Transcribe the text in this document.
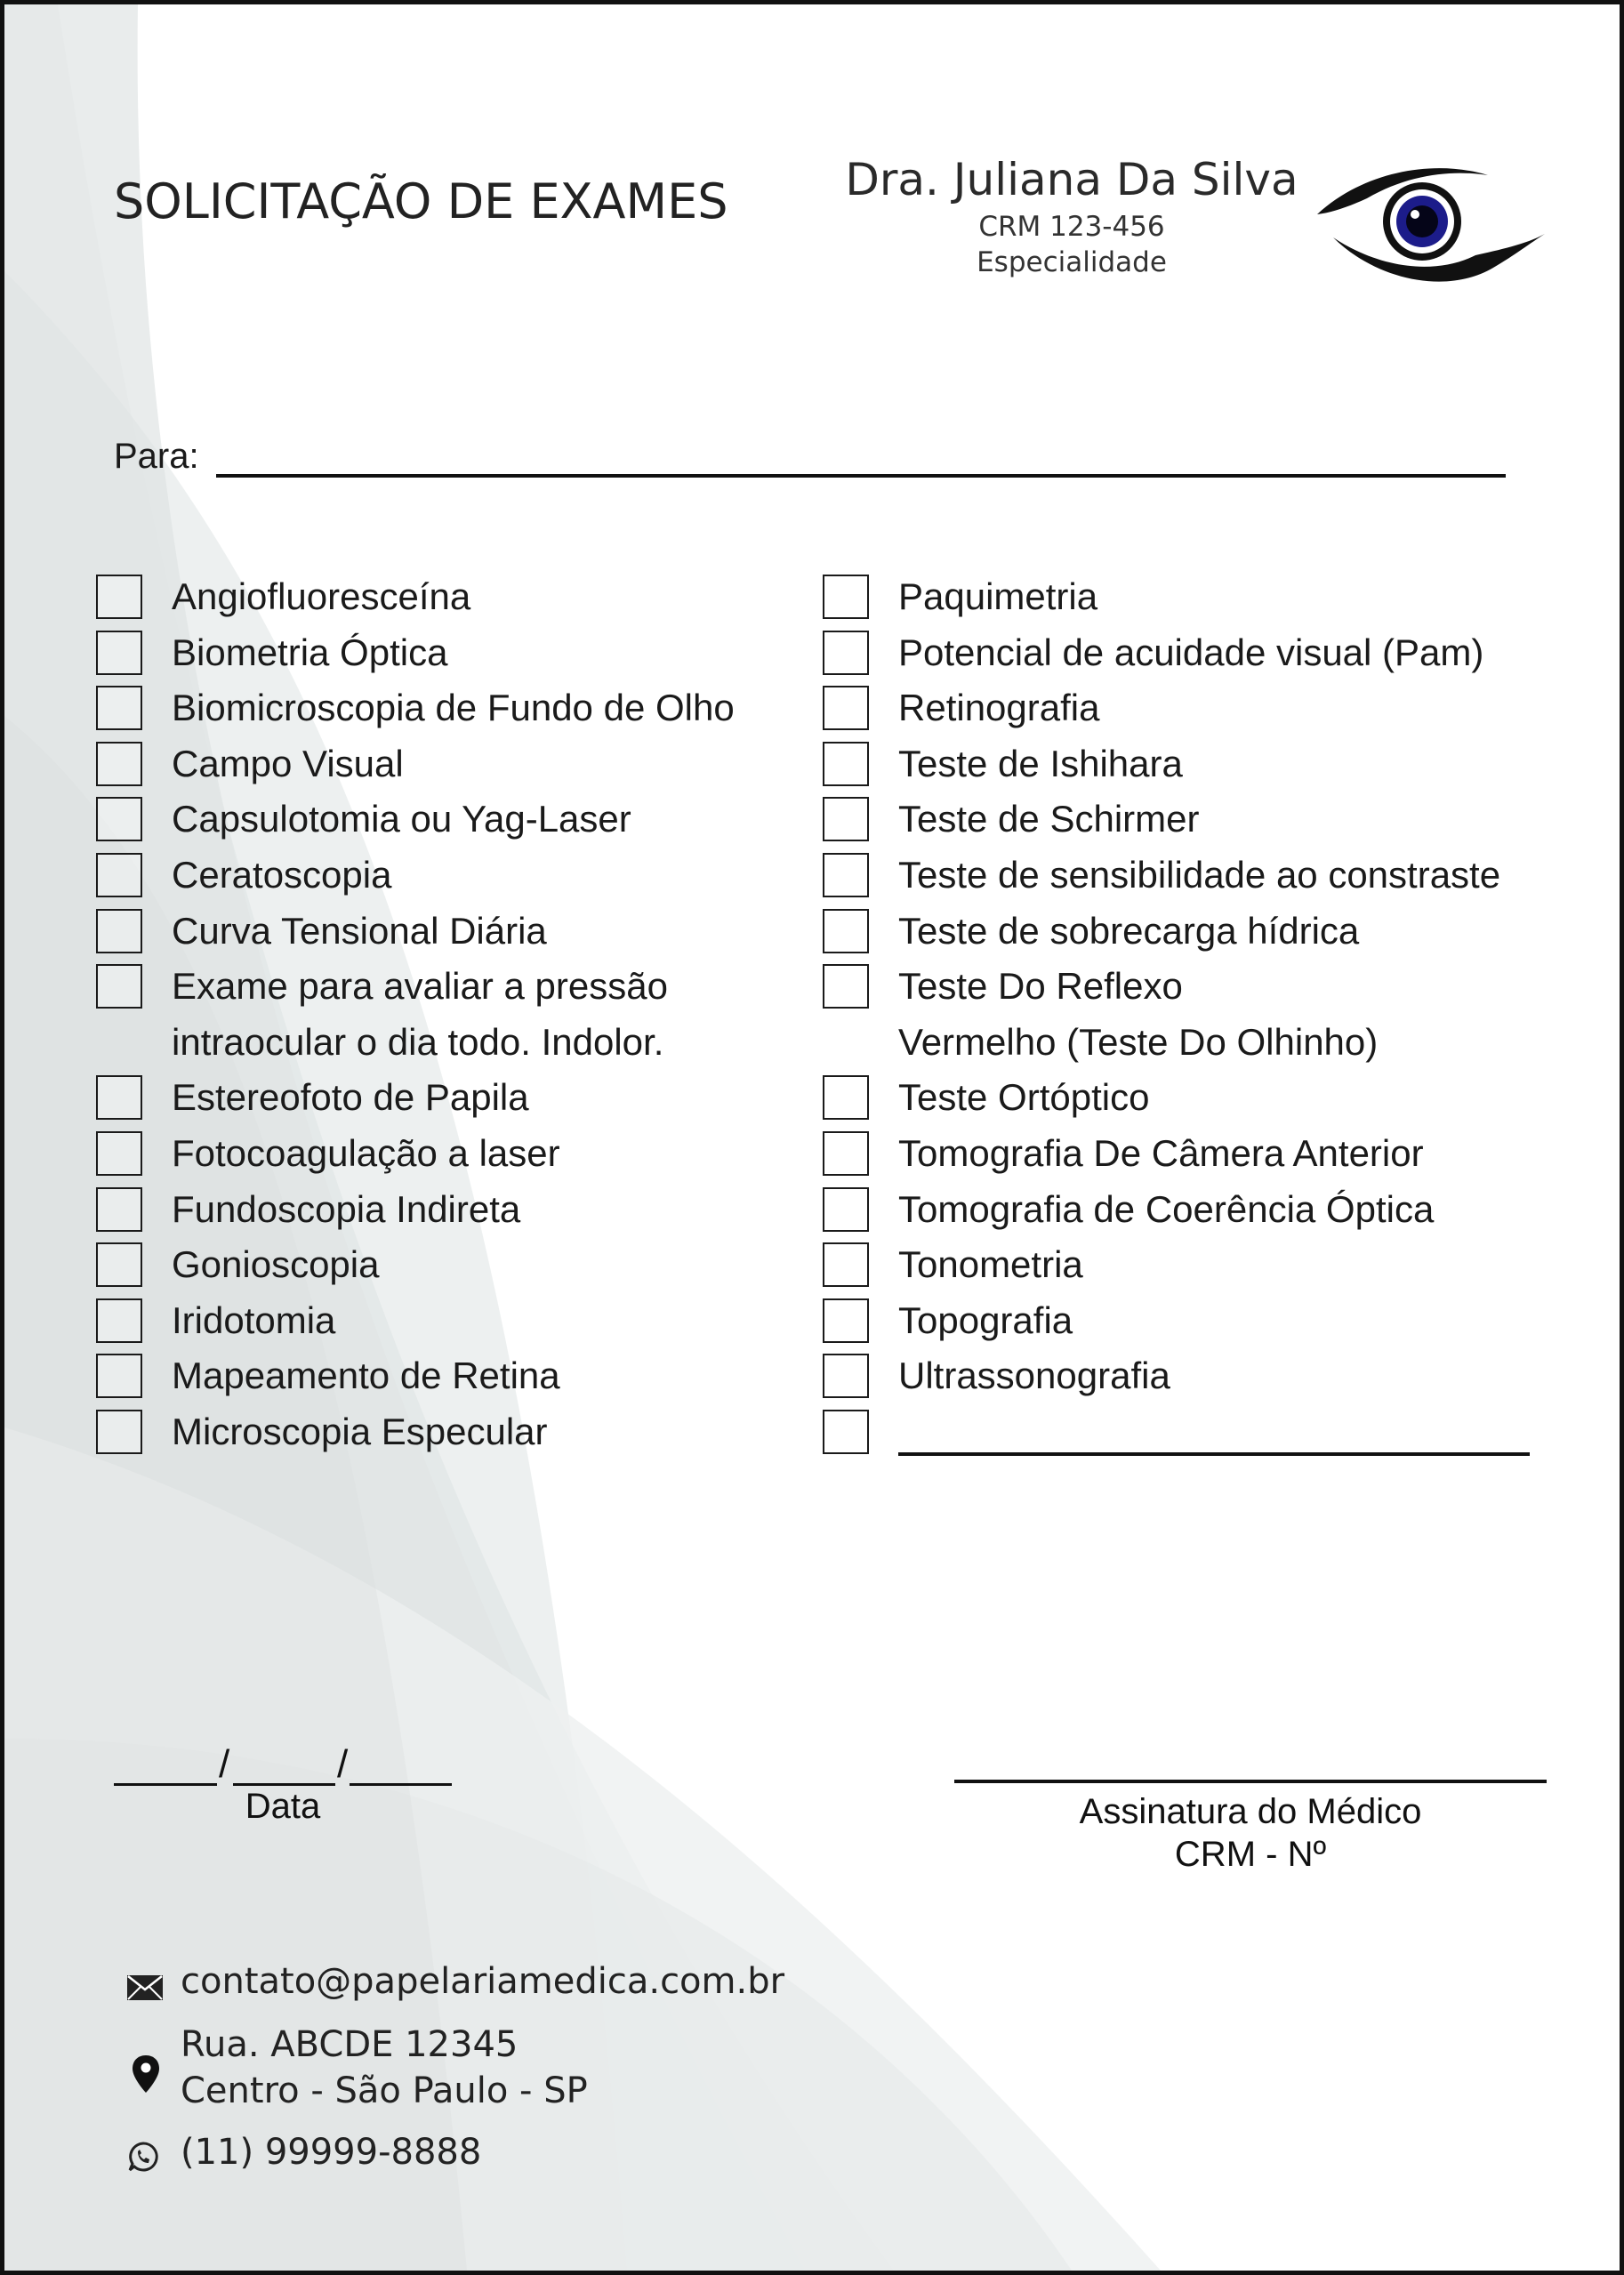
SOLICITAÇÃO DE EXAMES	Dra. Juliana Da Silva
CRM 123-456
Especialidade
Para:
Angiofluoresceína
Biometria Óptica
Biomicroscopia de Fundo de Olho
Campo Visual
Capsulotomia ou Yag-Laser
Ceratoscopia
Curva Tensional Diária
Exame para avaliar a pressão
intraocular o dia todo. Indolor.
Estereofoto de Papila
Fotocoagulação a laser
Fundoscopia Indireta
Gonioscopia
Iridotomia
Mapeamento de Retina
Microscopia Especular
Paquimetria
Potencial de acuidade visual (Pam)
Retinografia
Teste de Ishihara
Teste de Schirmer
Teste de sensibilidade ao constraste
Teste de sobrecarga hídrica
Teste Do Reflexo
Vermelho (Teste Do Olhinho)
Teste Ortóptico
Tomografia De Câmera Anterior
Tomografia de Coerência Óptica
Tonometria
Topografia
Ultrassonografia
/	/
Data	Assinatura do Médico
CRM - Nº
contato@papelariamedica.com.br
Rua. ABCDE 12345
Centro - São Paulo - SP
(11) 99999-8888
